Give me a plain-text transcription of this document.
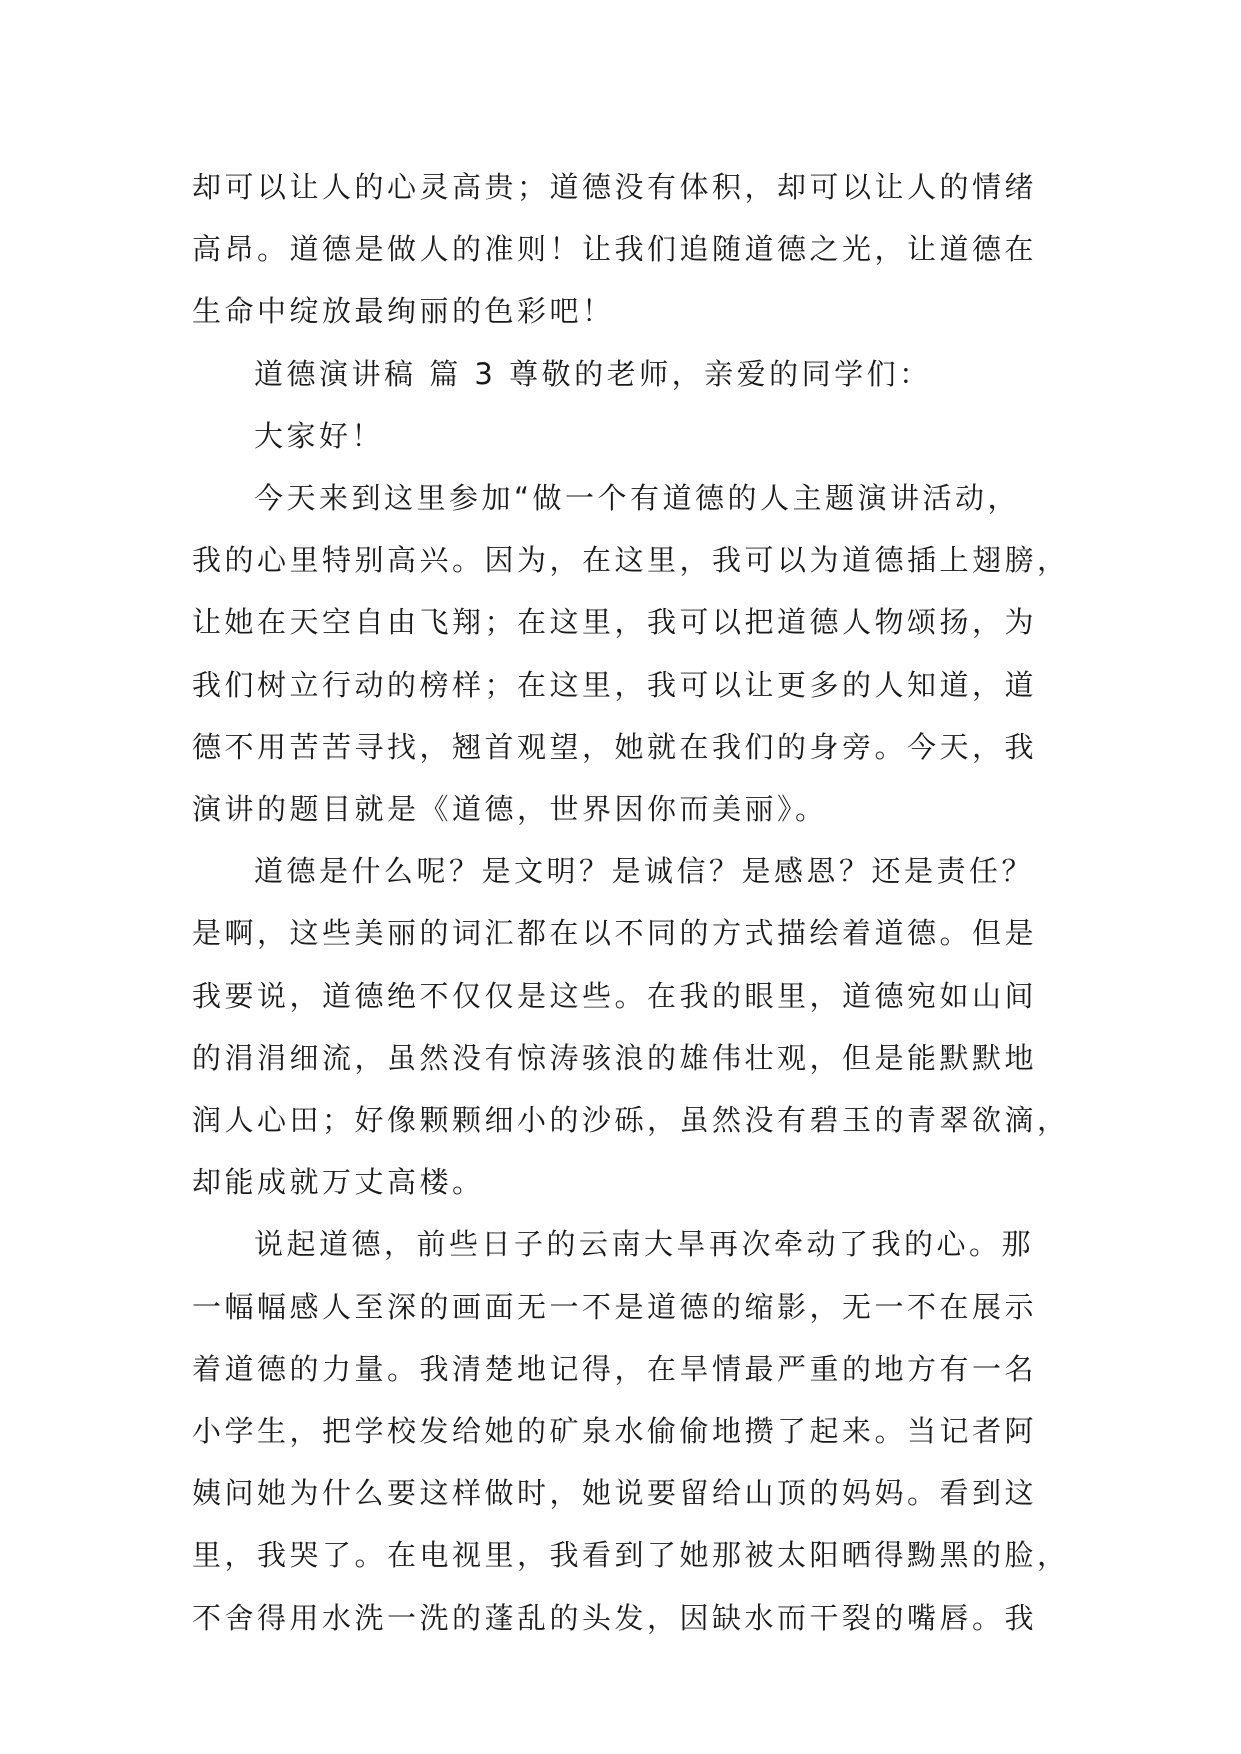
却可以让人的心灵高贵；道德没有体积，却可以让人的情绪
高昂。道德是做人的准则！让我们追随道德之光，让道德在
生命中绽放最绚丽的色彩吧！

道德演讲稿 篇 3 尊敬的老师，亲爱的同学们：

大家好！

今天来到这里参加“做一个有道德的人主题演讲活动，
我的心里特别高兴。因为，在这里，我可以为道德插上翅膀，
让她在天空自由飞翔；在这里，我可以把道德人物颂扬，为
我们树立行动的榜样；在这里，我可以让更多的人知道，道
德不用苦苦寻找，翘首观望，她就在我们的身旁。今天，我
演讲的题目就是《道德，世界因你而美丽》。

道德是什么呢？是文明？是诚信？是感恩？还是责任？
是啊，这些美丽的词汇都在以不同的方式描绘着道德。但是
我要说，道德绝不仅仅是这些。在我的眼里，道德宛如山间
的涓涓细流，虽然没有惊涛骇浪的雄伟壮观，但是能默默地
润人心田；好像颗颗细小的沙砾，虽然没有碧玉的青翠欲滴，
却能成就万丈高楼。

说起道德，前些日子的云南大旱再次牵动了我的心。那
一幅幅感人至深的画面无一不是道德的缩影，无一不在展示
着道德的力量。我清楚地记得，在旱情最严重的地方有一名
小学生，把学校发给她的矿泉水偷偷地攒了起来。当记者阿
姨问她为什么要这样做时，她说要留给山顶的妈妈。看到这
里，我哭了。在电视里，我看到了她那被太阳晒得黝黑的脸，
不舍得用水洗一洗的蓬乱的头发，因缺水而干裂的嘴唇。我
